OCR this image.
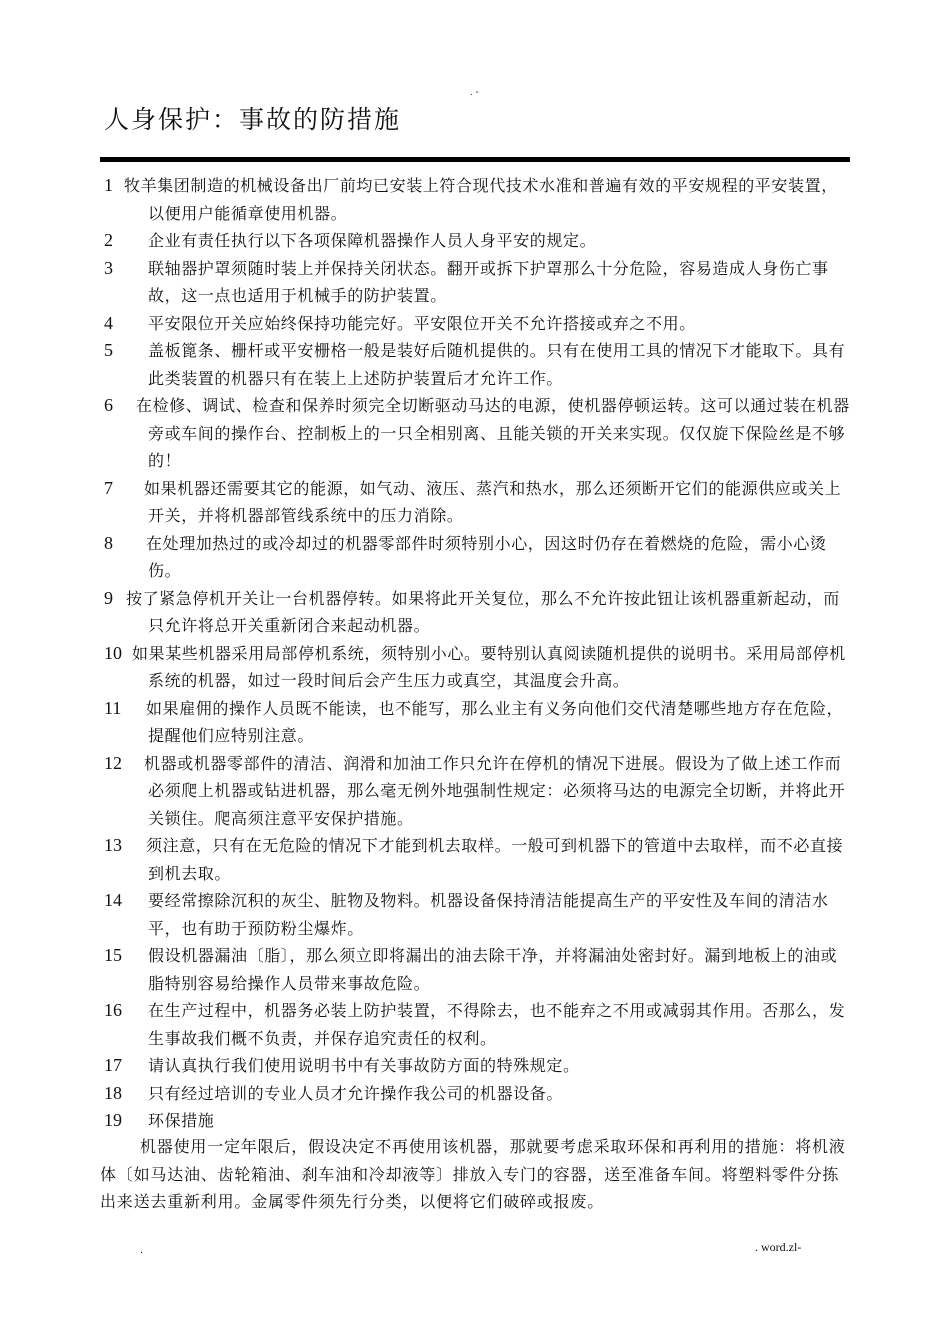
. -
人身保护：事故的防措施
1 牧羊集团制造的机械设备出厂前均已安装上符合现代技术水准和普遍有效的平安规程的平安装置，以便用户能循章使用机器。

2	企业有责任执行以下各项保障机器操作人员人身平安的规定。

3	联轴器护罩须随时装上并保持关闭状态。翻开或拆下护罩那么十分危险，容易造成人身伤亡事故，这一点也适用于机械手的防护装置。

4	平安限位开关应始终保持功能完好。平安限位开关不允许搭接或弃之不用。

5	盖板篦条、栅杆或平安栅格一般是装好后随机提供的。只有在使用工具的情况下才能取下。具有此类装置的机器只有在装上上述防护装置后才允许工作。

6	在检修、调试、检查和保养时须完全切断驱动马达的电源，使机器停顿运转。这可以通过装在机器旁或车间的操作台、控制板上的一只全相别离、且能关锁的开关来实现。仅仅旋下保险丝是不够的！

7	如果机器还需要其它的能源，如气动、液压、蒸汽和热水，那么还须断开它们的能源供应或关上开关，并将机器部管线系统中的压力消除。

8	在处理加热过的或冷却过的机器零部件时须特别小心，因这时仍存在着燃烧的危险，需小心烫伤。

9 按了紧急停机开关让一台机器停转。如果将此开关复位，那么不允许按此钮让该机器重新起动，而只允许将总开关重新闭合来起动机器。

10 如果某些机器采用局部停机系统，须特别小心。要特别认真阅读随机提供的说明书。采用局部停机系统的机器，如过一段时间后会产生压力或真空，其温度会升高。

11	如果雇佣的操作人员既不能读，也不能写，那么业主有义务向他们交代清楚哪些地方存在危险，提醒他们应特别注意。

12	机器或机器零部件的清洁、润滑和加油工作只允许在停机的情况下进展。假设为了做上述工作而必须爬上机器或钻进机器，那么毫无例外地强制性规定：必须将马达的电源完全切断，并将此开关锁住。爬高须注意平安保护措施。

13	须注意，只有在无危险的情况下才能到机去取样。一般可到机器下的管道中去取样，而不必直接到机去取。

14	要经常擦除沉积的灰尘、脏物及物料。机器设备保持清洁能提高生产的平安性及车间的清洁水平，也有助于预防粉尘爆炸。

15	假设机器漏油〔脂〕，那么须立即将漏出的油去除干净，并将漏油处密封好。漏到地板上的油或脂特别容易给操作人员带来事故危险。

16	在生产过程中，机器务必装上防护装置，不得除去，也不能弃之不用或减弱其作用。否那么，发生事故我们概不负责，并保存追究责任的权利。

17	请认真执行我们使用说明书中有关事故防方面的特殊规定。

18	只有经过培训的专业人员才允许操作我公司的机器设备。

19	环保措施

机器使用一定年限后，假设决定不再使用该机器，那就要考虑采取环保和再利用的措施：将机液体〔如马达油、齿轮箱油、刹车油和冷却液等〕排放入专门的容器，送至准备车间。将塑料零件分拣出来送去重新利用。金属零件须先行分类，以便将它们破碎或报废。

.	. word.zl-
